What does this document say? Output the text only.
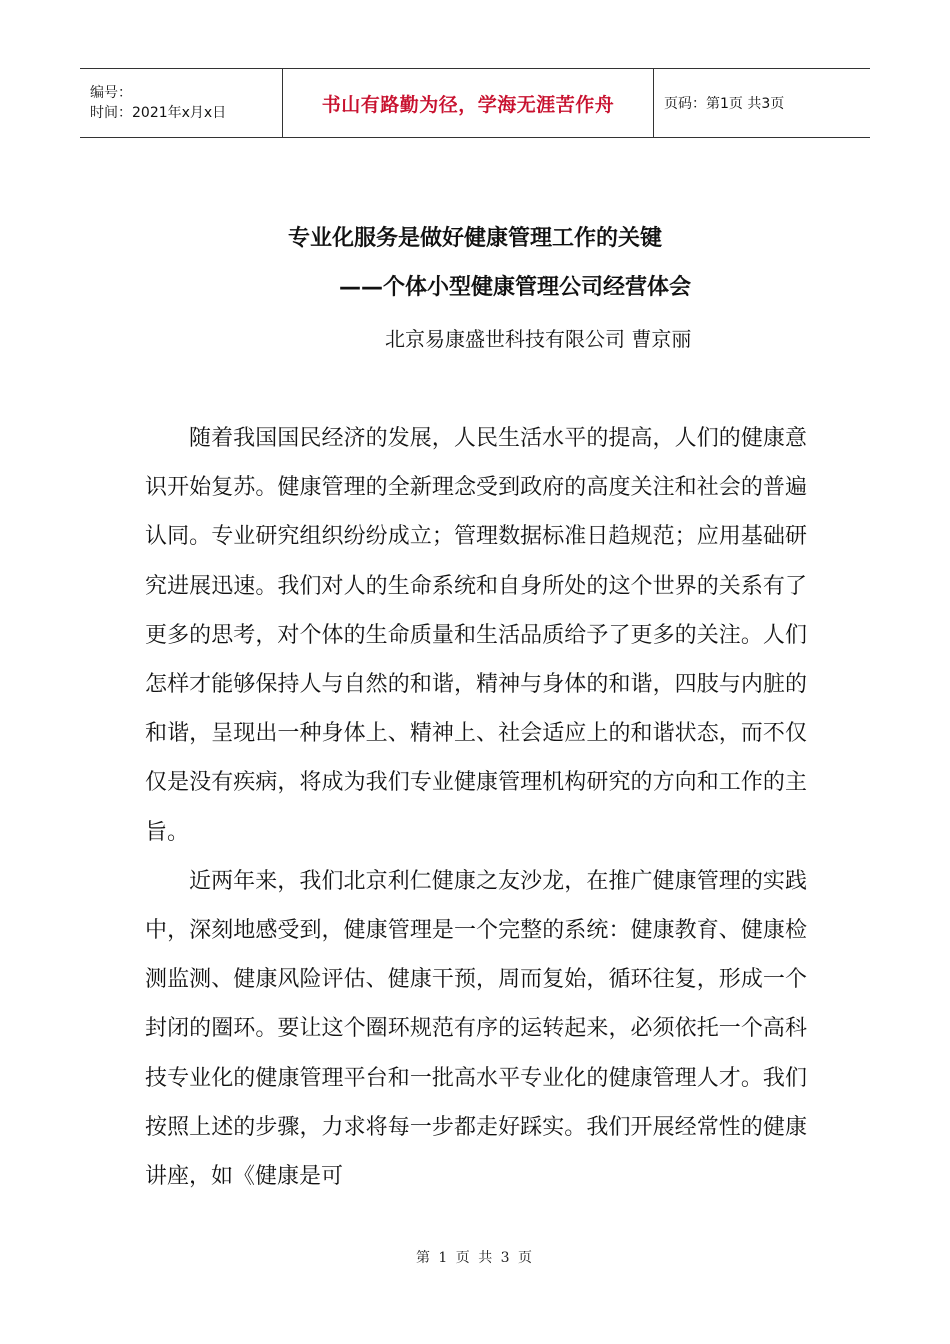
编号：
时间：2021年x月x日	书山有路勤为径，学海无涯苦作舟	页码：第1页 共3页
专业化服务是做好健康管理工作的关键
——个体小型健康管理公司经营体会
北京易康盛世科技有限公司 曹京丽

随着我国国民经济的发展，人民生活水平的提高，人们的健康意识开始复苏。健康管理的全新理念受到政府的高度关注和社会的普遍认同。专业研究组织纷纷成立；管理数据标准日趋规范；应用基础研究进展迅速。我们对人的生命系统和自身所处的这个世界的关系有了更多的思考，对个体的生命质量和生活品质给予了更多的关注。人们怎样才能够保持人与自然的和谐，精神与身体的和谐，四肢与内脏的和谐，呈现出一种身体上、精神上、社会适应上的和谐状态，而不仅仅是没有疾病，将成为我们专业健康管理机构研究的方向和工作的主旨。

近两年来，我们北京利仁健康之友沙龙，在推广健康管理的实践中，深刻地感受到，健康管理是一个完整的系统：健康教育、健康检测监测、健康风险评估、健康干预，周而复始，循环往复，形成一个封闭的圈环。要让这个圈环规范有序的运转起来，必须依托一个高科技专业化的健康管理平台和一批高水平专业化的健康管理人才。我们按照上述的步骤，力求将每一步都走好踩实。我们开展经常性的健康讲座，如《健康是可

第 1 页 共 3 页
